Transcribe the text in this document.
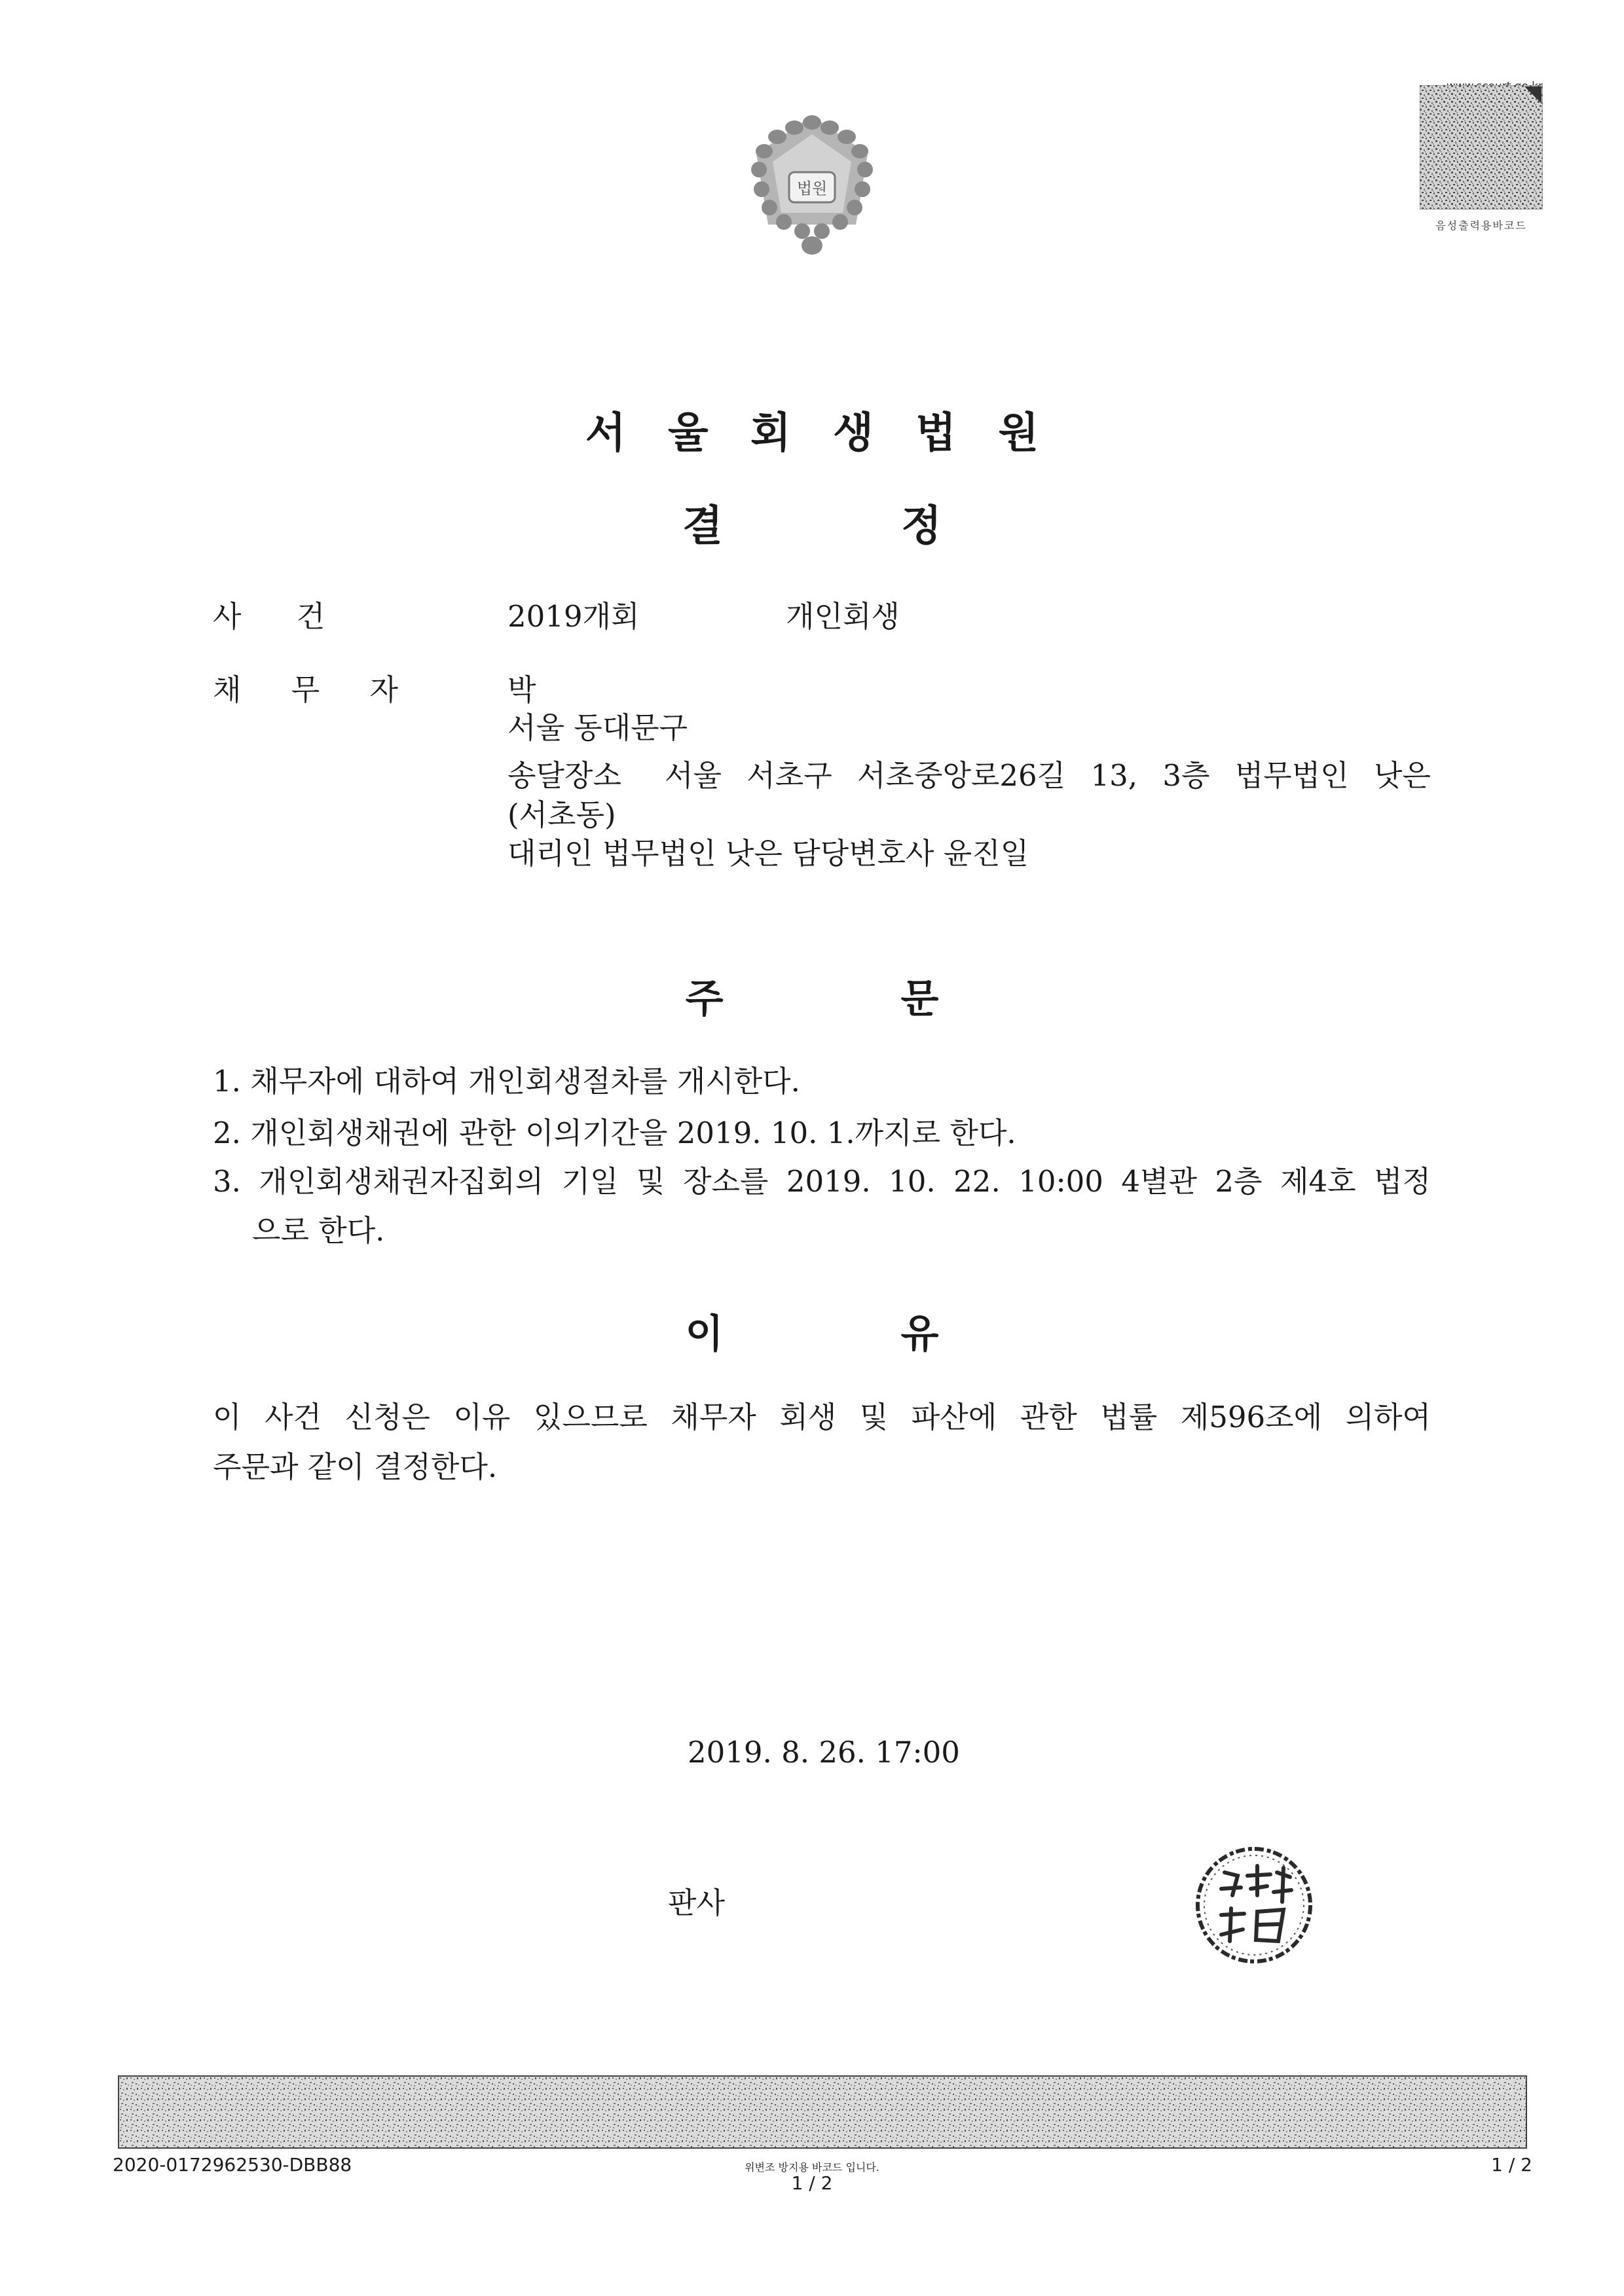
법원
음성출력용바코드
서 울 회 생 법 원
결 정
사 건	2019개회	개인회생
채 무 자	박
서울 동대문구
송달장소 서울 서초구 서초중앙로26길 13, 3층 법무법인 낫은
(서초동)
대리인 법무법인 낫은 담당변호사 윤진일
주 문
1. 채무자에 대하여 개인회생절차를 개시한다.
2. 개인회생채권에 관한 이의기간을 2019. 10. 1.까지로 한다.
3. 개인회생채권자집회의 기일 및 장소를 2019. 10. 22. 10:00 4별관 2층 제4호 법정
으로 한다.
이 유
이 사건 신청은 이유 있으므로 채무자 회생 및 파산에 관한 법률 제596조에 의하여
주문과 같이 결정한다.
2019. 8. 26. 17:00
판사
2020-0172962530-DBB88	위변조 방지용 바코드 입니다.
1 / 2
1 / 2
